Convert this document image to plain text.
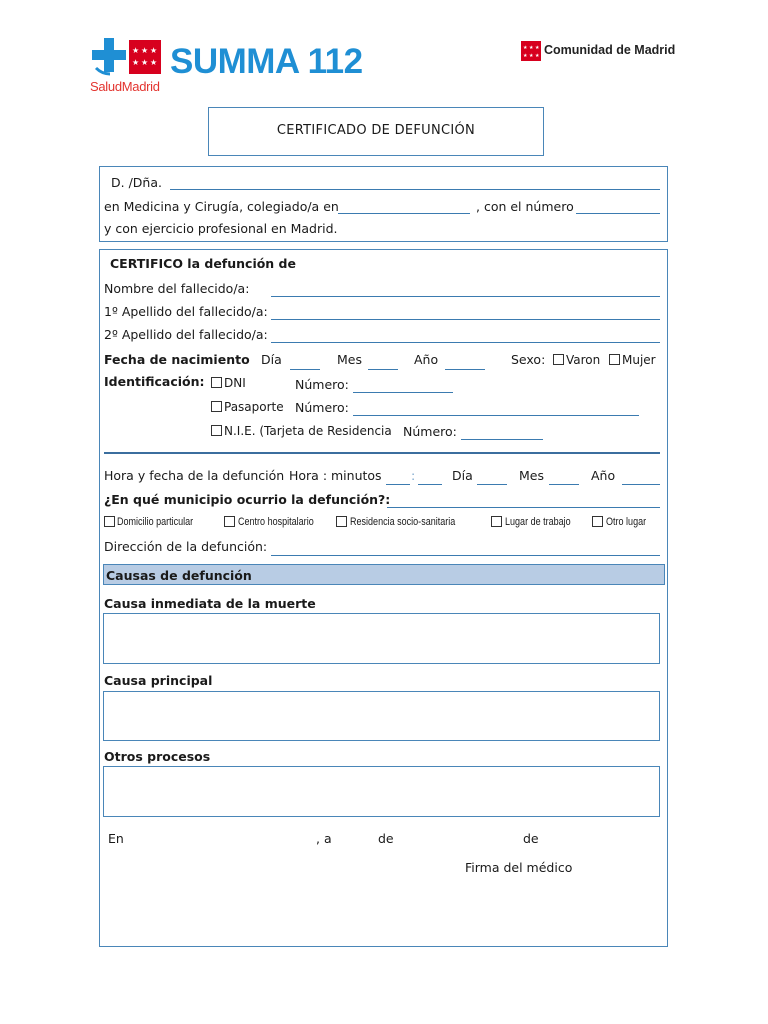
★ ★ ★
★ ★ ★ SUMMA 112
SaludMadrid
★ ★ ★
★ ★ ★ Comunidad de Madrid
CERTIFICADO DE DEFUNCIÓN
D. /Dña.
en Medicina y Cirugía, colegiado/a en	, con el número
y con ejercicio profesional en Madrid.
CERTIFICO la defunción de
Nombre del fallecido/a:
1º Apellido del fallecido/a:
2º Apellido del fallecido/a:
Fecha de nacimiento Día	Mes	Año	Sexo: Varon Mujer
Identificación: DNI	Número:
Pasaporte Número:
N.I.E. (Tarjeta de Residencia Número:
Hora y fecha de la defunción Hora : minutos :	Día	Mes	Año
¿En qué municipio ocurrio la defunción?:
Domicilio particular	Centro hospitalario	Residencia socio-sanitaria	Lugar de trabajo	Otro lugar
Dirección de la defunción:
Causas de defunción
Causa inmediata de la muerte
Causa principal
Otros procesos
En	, a	de	de
Firma del médico
